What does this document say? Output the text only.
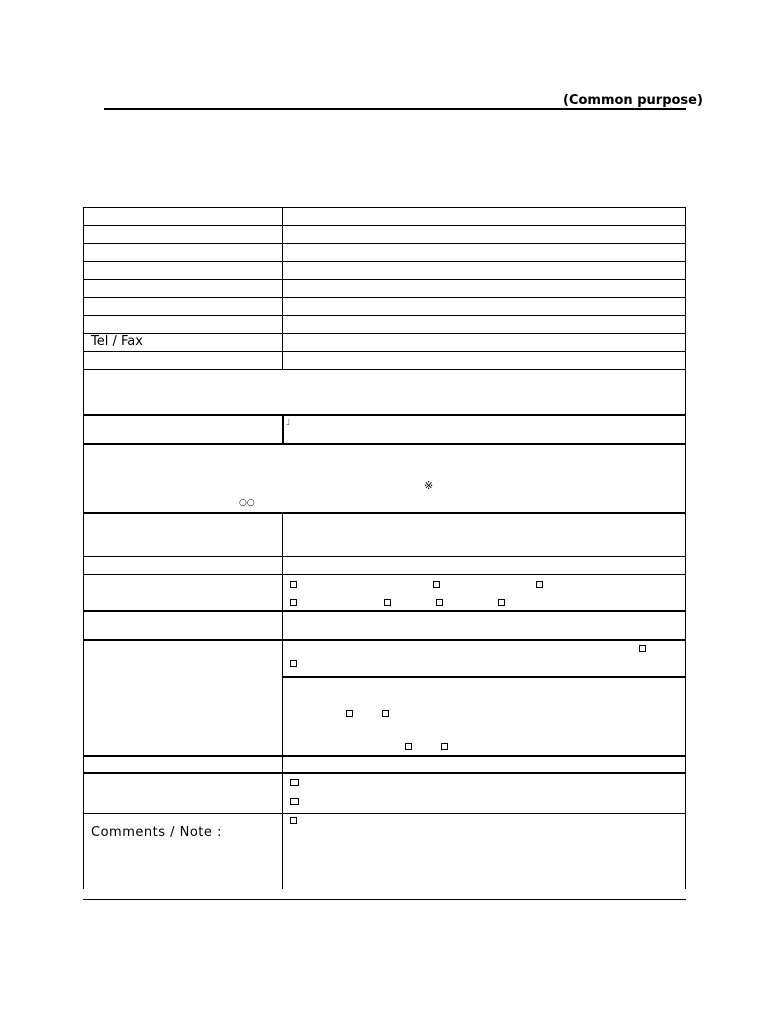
(Common purpose)
Tel / Fax
Comments / Note :
」
※
○○
